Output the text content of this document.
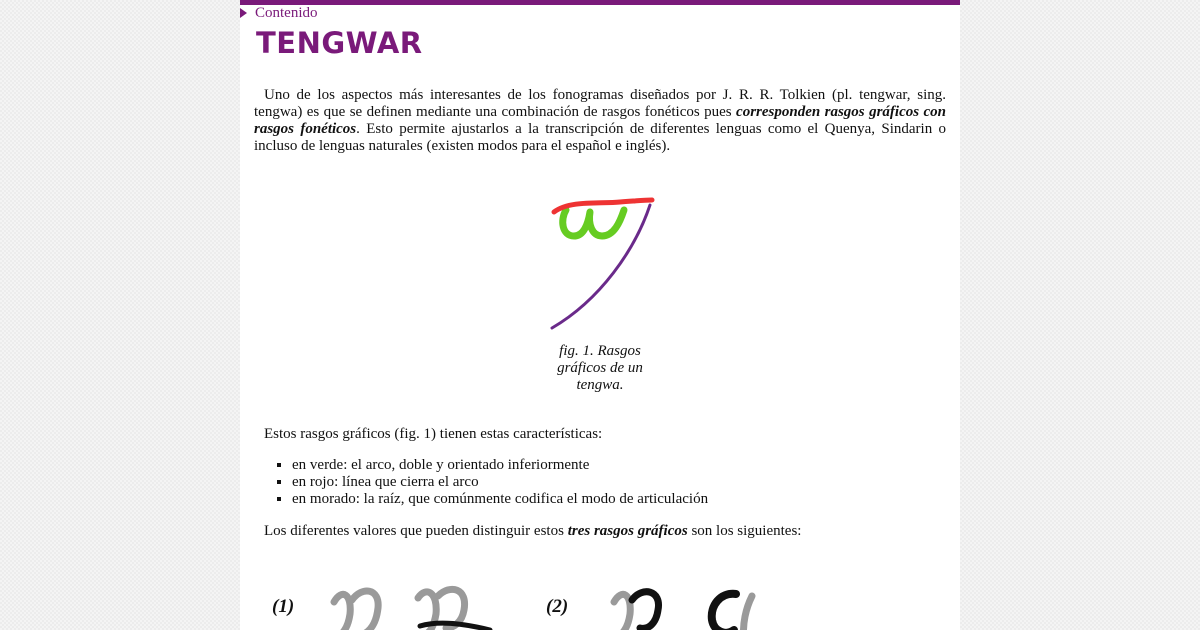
Contenido
TENGWAR

Uno de los aspectos más interesantes de los fonogramas diseñados por J. R. R. Tolkien (pl. tengwar, sing. tengwa) es que se definen mediante una combinación de rasgos fonéticos pues corresponden rasgos gráficos con rasgos fonéticos. Esto permite ajustarlos a la transcripción de diferentes lenguas como el Quenya, Sindarin o incluso de lenguas naturales (existen modos para el español e inglés).

fig. 1. Rasgos gráficos de un tengwa.

Estos rasgos gráficos (fig. 1) tienen estas características:

▪ en verde: el arco, doble y orientado inferiormente
▪ en rojo: línea que cierra el arco
▪ en morado: la raíz, que comúnmente codifica el modo de articulación

Los diferentes valores que pueden distinguir estos tres rasgos gráficos son los siguientes:

(1)	(2)
